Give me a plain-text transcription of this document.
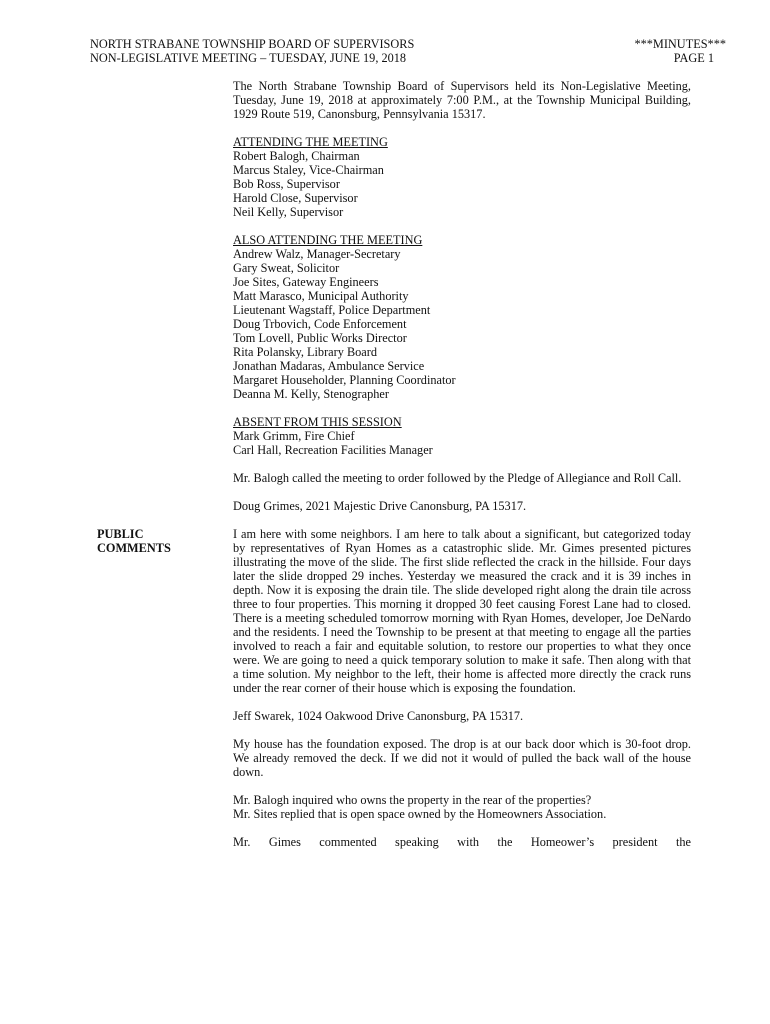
NORTH STRABANE TOWNSHIP BOARD OF SUPERVISORS	***MINUTES***
NON-LEGISLATIVE MEETING – TUESDAY, JUNE 19, 2018	PAGE 1
PUBLIC
COMMENTS

The North Strabane Township Board of Supervisors held its Non-Legislative Meeting, Tuesday, June 19, 2018 at approximately 7:00 P.M., at the Township Municipal Building, 1929 Route 519, Canonsburg, Pennsylvania 15317.

ATTENDING THE MEETING
Robert Balogh, Chairman
Marcus Staley, Vice-Chairman
Bob Ross, Supervisor
Harold Close, Supervisor
Neil Kelly, Supervisor
ALSO ATTENDING THE MEETING
Andrew Walz, Manager-Secretary
Gary Sweat, Solicitor
Joe Sites, Gateway Engineers
Matt Marasco, Municipal Authority
Lieutenant Wagstaff, Police Department
Doug Trbovich, Code Enforcement
Tom Lovell, Public Works Director
Rita Polansky, Library Board
Jonathan Madaras, Ambulance Service
Margaret Householder, Planning Coordinator
Deanna M. Kelly, Stenographer
ABSENT FROM THIS SESSION
Mark Grimm, Fire Chief
Carl Hall, Recreation Facilities Manager

Mr. Balogh called the meeting to order followed by the Pledge of Allegiance and Roll Call.

Doug Grimes, 2021 Majestic Drive Canonsburg, PA 15317.

I am here with some neighbors. I am here to talk about a significant, but categorized today by representatives of Ryan Homes as a catastrophic slide. Mr. Gimes presented pictures illustrating the move of the slide. The first slide reflected the crack in the hillside. Four days later the slide dropped 29 inches. Yesterday we measured the crack and it is 39 inches in depth. Now it is exposing the drain tile. The slide developed right along the drain tile across three to four properties. This morning it dropped 30 feet causing Forest Lane had to closed. There is a meeting scheduled tomorrow morning with Ryan Homes, developer, Joe DeNardo and the residents. I need the Township to be present at that meeting to engage all the parties involved to reach a fair and equitable solution, to restore our properties to what they once were. We are going to need a quick temporary solution to make it safe. Then along with that a time solution. My neighbor to the left, their home is affected more directly the crack runs under the rear corner of their house which is exposing the foundation.

Jeff Swarek, 1024 Oakwood Drive Canonsburg, PA 15317.

My house has the foundation exposed. The drop is at our back door which is 30-foot drop. We already removed the deck. If we did not it would of pulled the back wall of the house down.

Mr. Balogh inquired who owns the property in the rear of the properties?

Mr. Sites replied that is open space owned by the Homeowners Association.

Mr. Gimes commented speaking with the Homeower’s president the
